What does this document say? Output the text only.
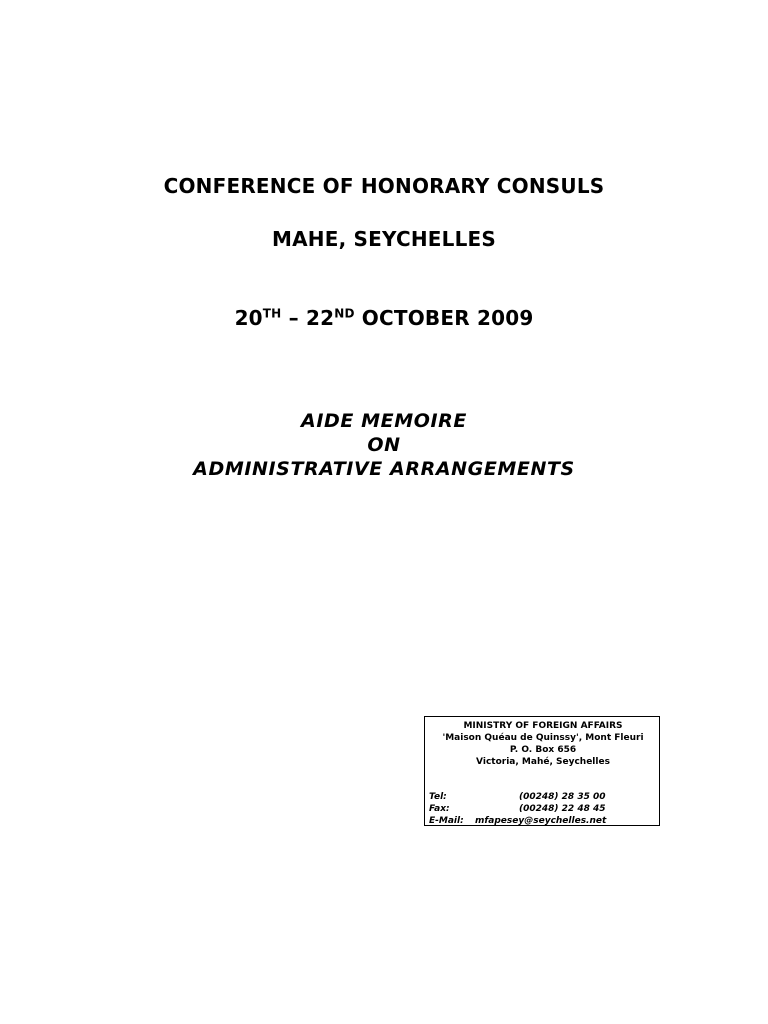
CONFERENCE OF HONORARY CONSULS
MAHE, SEYCHELLES
20TH – 22ND OCTOBER 2009
AIDE MEMOIRE
ON
ADMINISTRATIVE ARRANGEMENTS
MINISTRY OF FOREIGN AFFAIRS
'Maison Quéau de Quinssy', Mont Fleuri
P. O. Box 656
Victoria, Mahé, Seychelles
Tel:	(00248) 28 35 00
Fax:	(00248) 22 48 45
E-Mail: mfapesey@seychelles.net
